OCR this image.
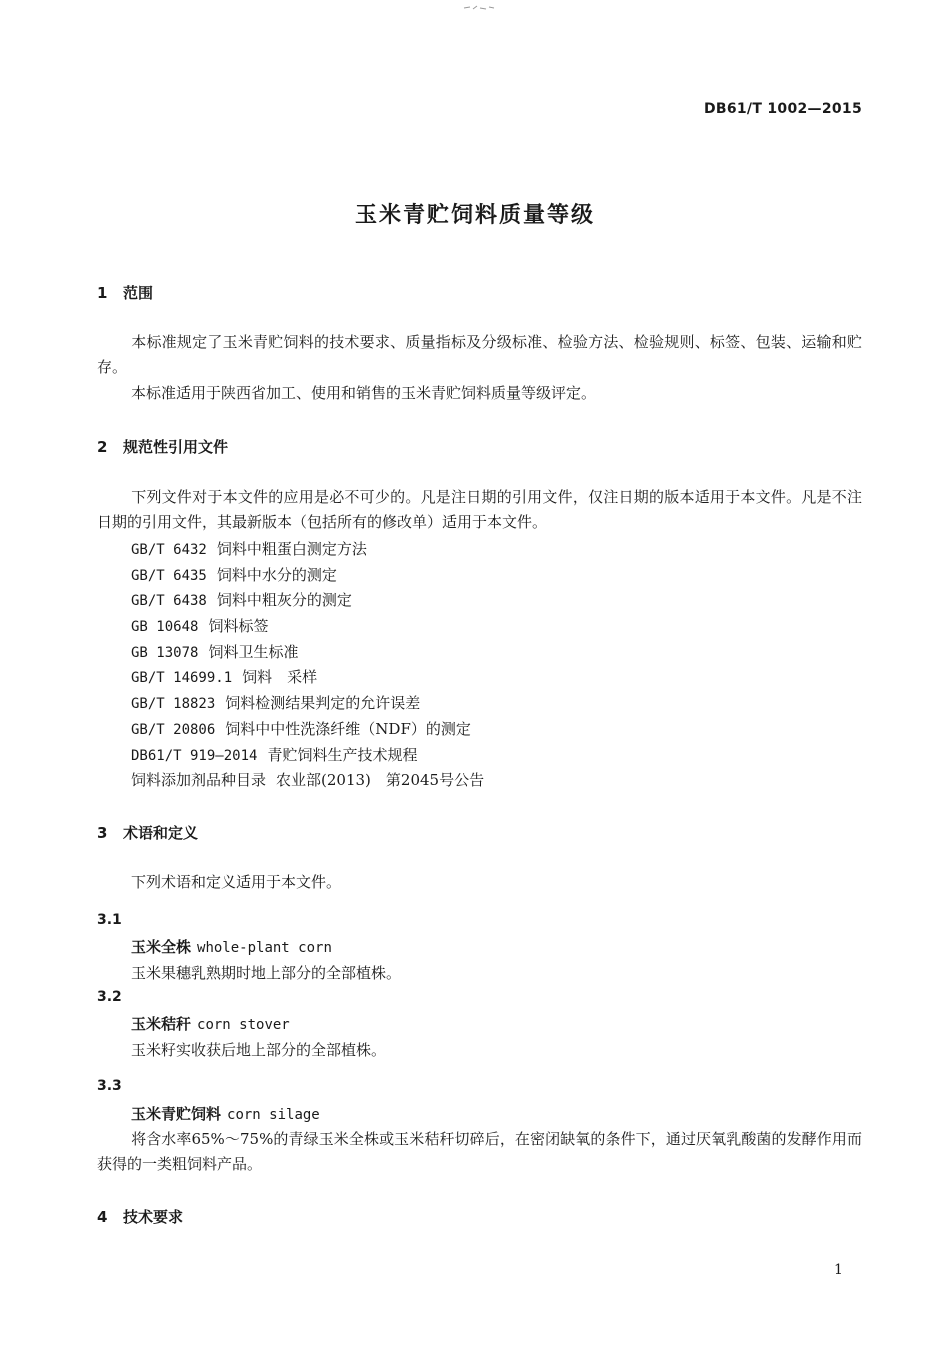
DB61/T 1002—2015
玉米青贮饲料质量等级
1 范围
本标准规定了玉米青贮饲料的技术要求、质量指标及分级标准、检验方法、检验规则、标签、包装、运输和贮存。
本标准适用于陕西省加工、使用和销售的玉米青贮饲料质量等级评定。
2 规范性引用文件
下列文件对于本文件的应用是必不可少的。凡是注日期的引用文件，仅注日期的版本适用于本文件。凡是不注日期的引用文件，其最新版本（包括所有的修改单）适用于本文件。
GB/T 6432 饲料中粗蛋白测定方法
GB/T 6435 饲料中水分的测定
GB/T 6438 饲料中粗灰分的测定
GB 10648 饲料标签
GB 13078 饲料卫生标准
GB/T 14699.1 饲料　采样
GB/T 18823 饲料检测结果判定的允许误差
GB/T 20806 饲料中中性洗涤纤维（NDF）的测定
DB61/T 919—2014 青贮饲料生产技术规程
饲料添加剂品种目录 农业部(2013)　第2045号公告
3 术语和定义
下列术语和定义适用于本文件。
3.1
玉米全株 whole-plant corn
玉米果穗乳熟期时地上部分的全部植株。
3.2
玉米秸秆 corn stover
玉米籽实收获后地上部分的全部植株。
3.3
玉米青贮饲料 corn silage
将含水率65%～75%的青绿玉米全株或玉米秸秆切碎后，在密闭缺氧的条件下，通过厌氧乳酸菌的发酵作用而获得的一类粗饲料产品。
4 技术要求
1
